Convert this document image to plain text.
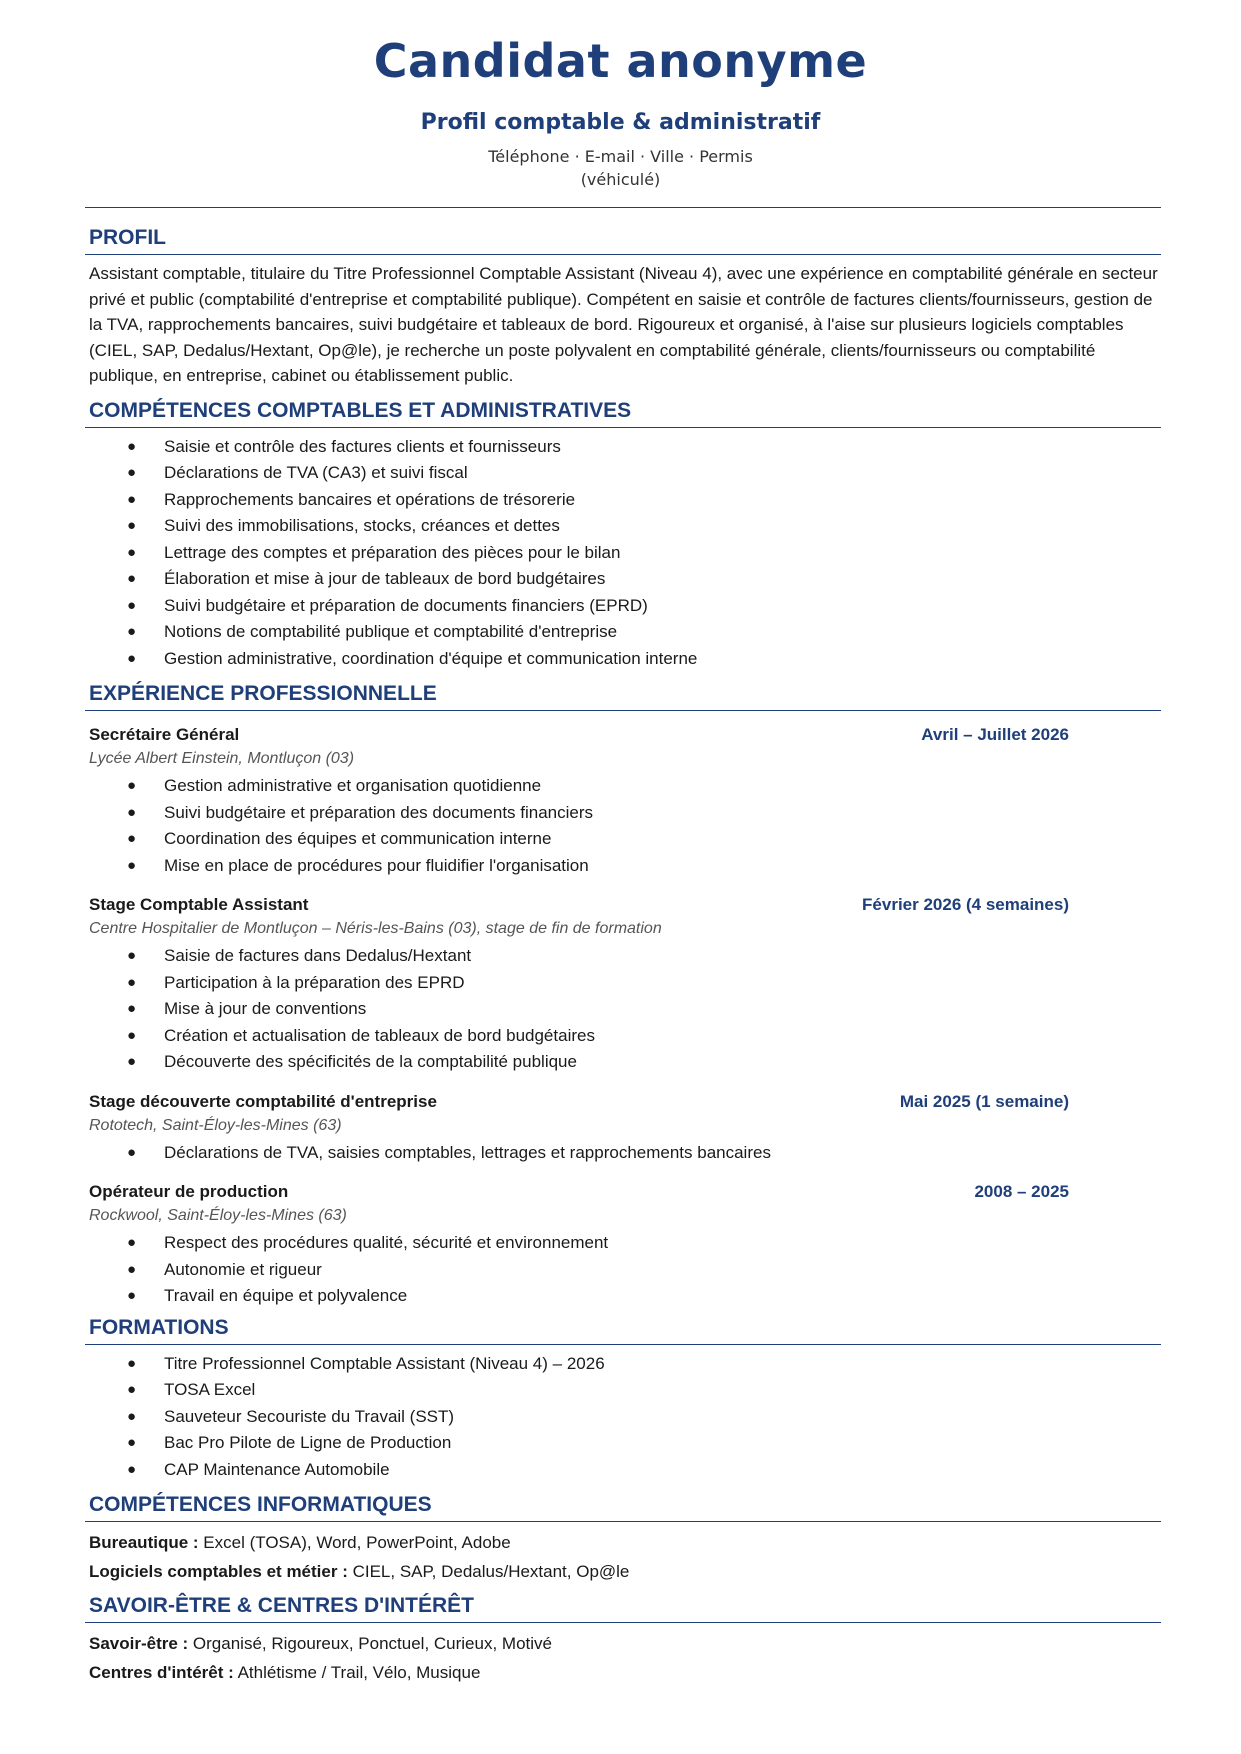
Candidat anonyme
Profil comptable & administratif
Téléphone · E-mail · Ville · Permis
(véhiculé)
PROFIL
Assistant comptable, titulaire du Titre Professionnel Comptable Assistant (Niveau 4), avec une expérience en comptabilité générale en secteur privé et public (comptabilité d'entreprise et comptabilité publique). Compétent en saisie et contrôle de factures clients/fournisseurs, gestion de la TVA, rapprochements bancaires, suivi budgétaire et tableaux de bord. Rigoureux et organisé, à l'aise sur plusieurs logiciels comptables (CIEL, SAP, Dedalus/Hextant, Op@le), je recherche un poste polyvalent en comptabilité générale, clients/fournisseurs ou comptabilité publique, en entreprise, cabinet ou établissement public.
COMPÉTENCES COMPTABLES ET ADMINISTRATIVES
● Saisie et contrôle des factures clients et fournisseurs
● Déclarations de TVA (CA3) et suivi fiscal
● Rapprochements bancaires et opérations de trésorerie
● Suivi des immobilisations, stocks, créances et dettes
● Lettrage des comptes et préparation des pièces pour le bilan
● Élaboration et mise à jour de tableaux de bord budgétaires
● Suivi budgétaire et préparation de documents financiers (EPRD)
● Notions de comptabilité publique et comptabilité d'entreprise
● Gestion administrative, coordination d'équipe et communication interne
EXPÉRIENCE PROFESSIONNELLE
Secrétaire Général	Avril – Juillet 2026
Lycée Albert Einstein, Montluçon (03)
● Gestion administrative et organisation quotidienne
● Suivi budgétaire et préparation des documents financiers
● Coordination des équipes et communication interne
● Mise en place de procédures pour fluidifier l'organisation
Stage Comptable Assistant	Février 2026 (4 semaines)
Centre Hospitalier de Montluçon – Néris-les-Bains (03), stage de fin de formation
● Saisie de factures dans Dedalus/Hextant
● Participation à la préparation des EPRD
● Mise à jour de conventions
● Création et actualisation de tableaux de bord budgétaires
● Découverte des spécificités de la comptabilité publique
Stage découverte comptabilité d'entreprise	Mai 2025 (1 semaine)
Rototech, Saint-Éloy-les-Mines (63)
● Déclarations de TVA, saisies comptables, lettrages et rapprochements bancaires
Opérateur de production	2008 – 2025
Rockwool, Saint-Éloy-les-Mines (63)
● Respect des procédures qualité, sécurité et environnement
● Autonomie et rigueur
● Travail en équipe et polyvalence
FORMATIONS
● Titre Professionnel Comptable Assistant (Niveau 4) – 2026
● TOSA Excel
● Sauveteur Secouriste du Travail (SST)
● Bac Pro Pilote de Ligne de Production
● CAP Maintenance Automobile
COMPÉTENCES INFORMATIQUES
Bureautique : Excel (TOSA), Word, PowerPoint, Adobe
Logiciels comptables et métier : CIEL, SAP, Dedalus/Hextant, Op@le
SAVOIR-ÊTRE & CENTRES D'INTÉRÊT
Savoir-être : Organisé, Rigoureux, Ponctuel, Curieux, Motivé
Centres d'intérêt : Athlétisme / Trail, Vélo, Musique
